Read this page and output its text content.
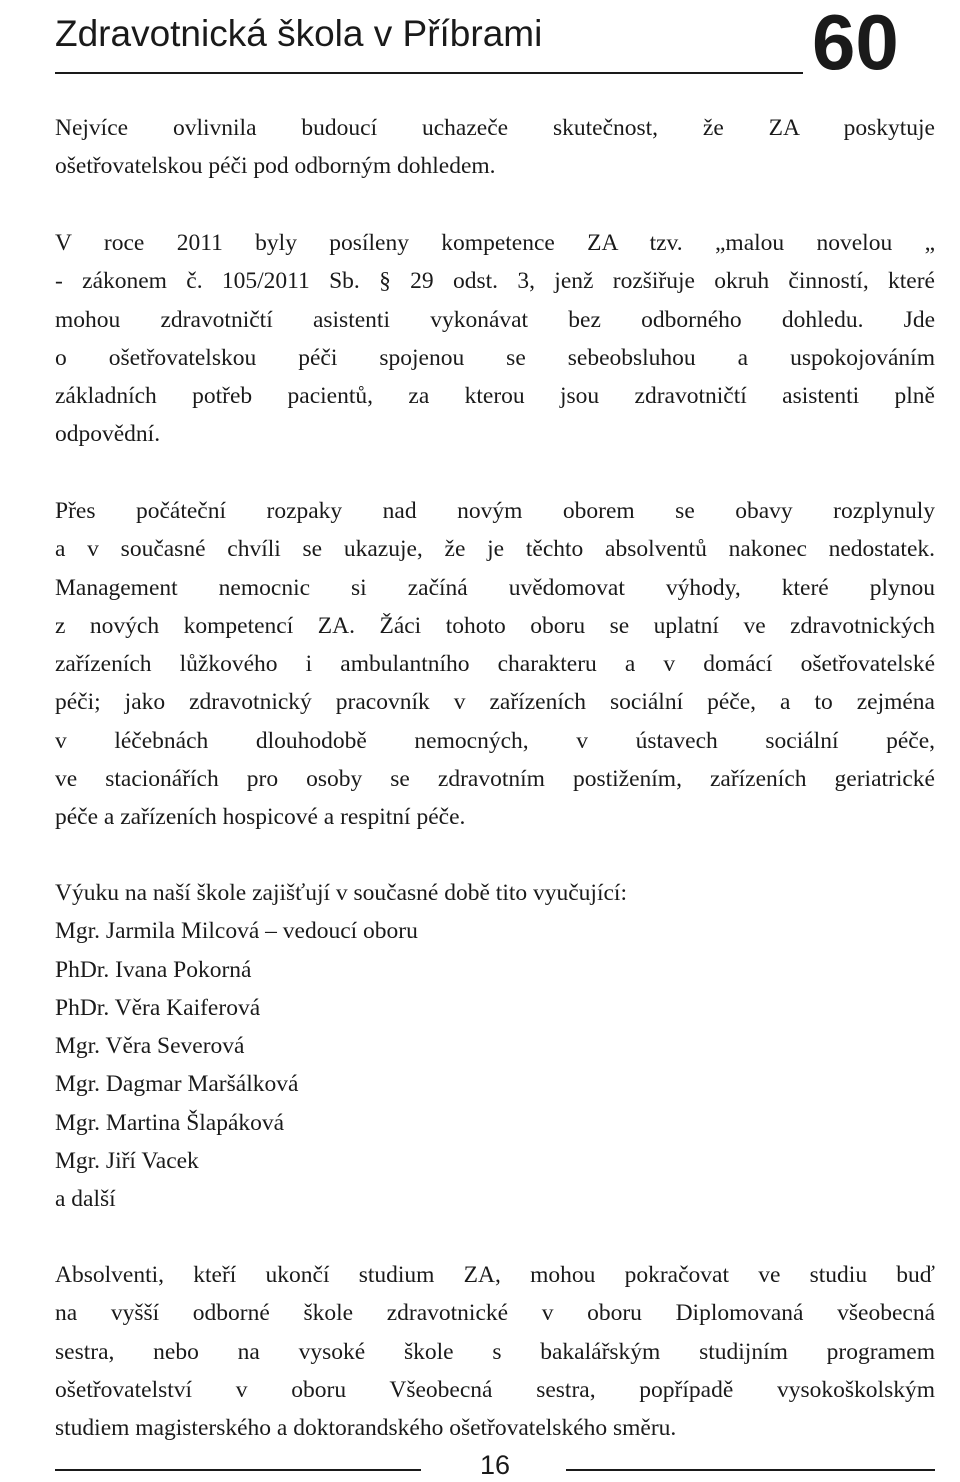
Zdravotnická škola v Příbrami	60
Nejvíce ovlivnila budoucí uchazeče skutečnost, že ZA poskytuje
ošetřovatelskou péči pod odborným dohledem.
V roce 2011 byly posíleny kompetence ZA tzv. „malou novelou „
- zákonem č. 105/2011 Sb. § 29 odst. 3, jenž rozšiřuje okruh činností, které
mohou zdravotničtí asistenti vykonávat bez odborného dohledu. Jde
o ošetřovatelskou péči spojenou se sebeobsluhou a uspokojováním
základních potřeb pacientů, za kterou jsou zdravotničtí asistenti plně
odpovědní.
Přes počáteční rozpaky nad novým oborem se obavy rozplynuly
a v současné chvíli se ukazuje, že je těchto absolventů nakonec nedostatek.
Management nemocnic si začíná uvědomovat výhody, které plynou
z nových kompetencí ZA. Žáci tohoto oboru se uplatní ve zdravotnických
zařízeních lůžkového i ambulantního charakteru a v domácí ošetřovatelské
péči; jako zdravotnický pracovník v zařízeních sociální péče, a to zejména
v léčebnách dlouhodobě nemocných, v ústavech sociální péče,
ve stacionářích pro osoby se zdravotním postižením, zařízeních geriatrické
péče a zařízeních hospicové a respitní péče.
Výuku na naší škole zajišťují v současné době tito vyučující:
Mgr. Jarmila Milcová – vedoucí oboru
PhDr. Ivana Pokorná
PhDr. Věra Kaiferová
Mgr. Věra Severová
Mgr. Dagmar Maršálková
Mgr. Martina Šlapáková
Mgr. Jiří Vacek
a další
Absolventi, kteří ukončí studium ZA, mohou pokračovat ve studiu buď
na vyšší odborné škole zdravotnické v oboru Diplomovaná všeobecná
sestra, nebo na vysoké škole s bakalářským studijním programem
ošetřovatelství v oboru Všeobecná sestra, popřípadě vysokoškolským
studiem magisterského a doktorandského ošetřovatelského směru.
16
